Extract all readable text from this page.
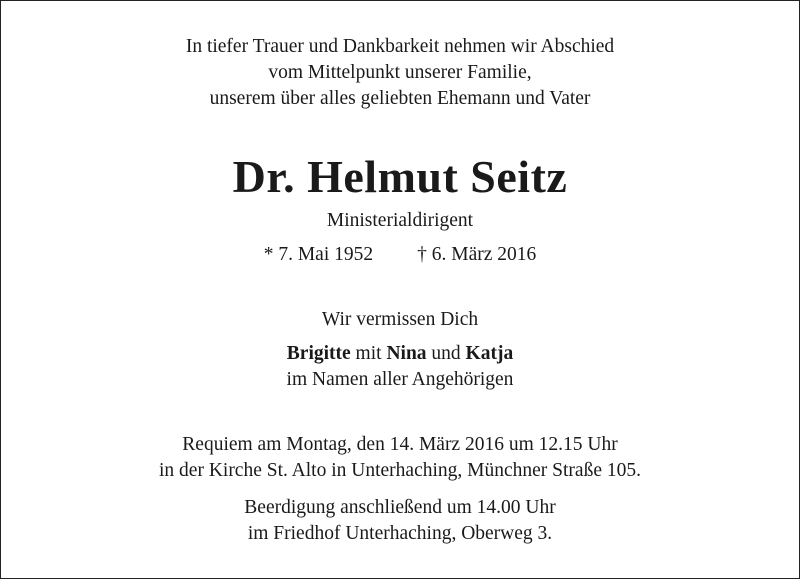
In tiefer Trauer und Dankbarkeit nehmen wir Abschied
vom Mittelpunkt unserer Familie,
unserem über alles geliebten Ehemann und Vater
Dr. Helmut Seitz
Ministerialdirigent
* 7. Mai 1952 † 6. März 2016
Wir vermissen Dich
Brigitte mit Nina und Katja
im Namen aller Angehörigen
Requiem am Montag, den 14. März 2016 um 12.15 Uhr
in der Kirche St. Alto in Unterhaching, Münchner Straße 105.
Beerdigung anschließend um 14.00 Uhr
im Friedhof Unterhaching, Oberweg 3.
